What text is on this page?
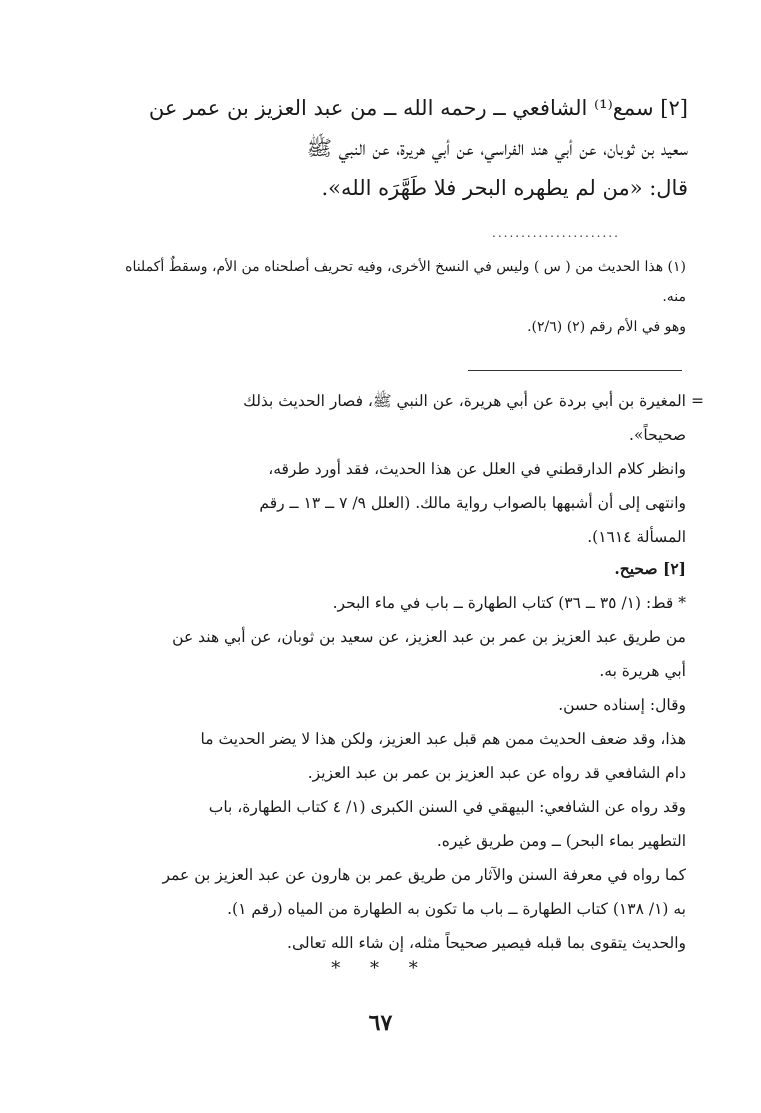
[٢] سمع⁽¹⁾ الشافعي ــ رحمه الله ــ من عبد العزيز بن عمر عن
سعيد بن ثوبان، عن أبي هند الفراسي، عن أبي هريرة، عن النبي ﷺ
قال: «من لم يطهره البحر فلا طَهَّرَه الله».
......................
(١) هذا الحديث من ( س ) وليس في النسخ الأخرى، وفيه تحريف أصلحناه من الأم، وسقطٌ أكملناه
منه.
وهو في الأم رقم (٢) (٢/٦).
=
المغيرة بن أبي بردة عن أبي هريرة، عن النبي ﷺ، فصار الحديث بذلك
صحيحاً».
وانظر كلام الدارقطني في العلل عن هذا الحديث، فقد أورد طرقه،
وانتهى إلى أن أشبهها بالصواب رواية مالك. (العلل ٩/ ٧ ــ ١٣ ــ رقم
المسألة ١٦١٤).
[٢] صحيح.
* قط: (١/ ٣٥ ــ ٣٦) كتاب الطهارة ــ باب في ماء البحر.
من طريق عبد العزيز بن عمر بن عبد العزيز، عن سعيد بن ثوبان، عن أبي هند عن
أبي هريرة به.
وقال: إسناده حسن.
هذا، وقد ضعف الحديث ممن هم قبل عبد العزيز، ولكن هذا لا يضر الحديث ما
دام الشافعي قد رواه عن عبد العزيز بن عمر بن عبد العزيز.
وقد رواه عن الشافعي: البيهقي في السنن الكبرى (١/ ٤ كتاب الطهارة، باب
التطهير بماء البحر) ــ ومن طريق غيره.
كما رواه في معرفة السنن والآثار من طريق عمر بن هارون عن عبد العزيز بن عمر
به (١/ ١٣٨) كتاب الطهارة ــ باب ما تكون به الطهارة من المياه (رقم ١).
والحديث يتقوى بما قبله فيصير صحيحاً مثله، إن شاء الله تعالى.
* * *
٦٧
